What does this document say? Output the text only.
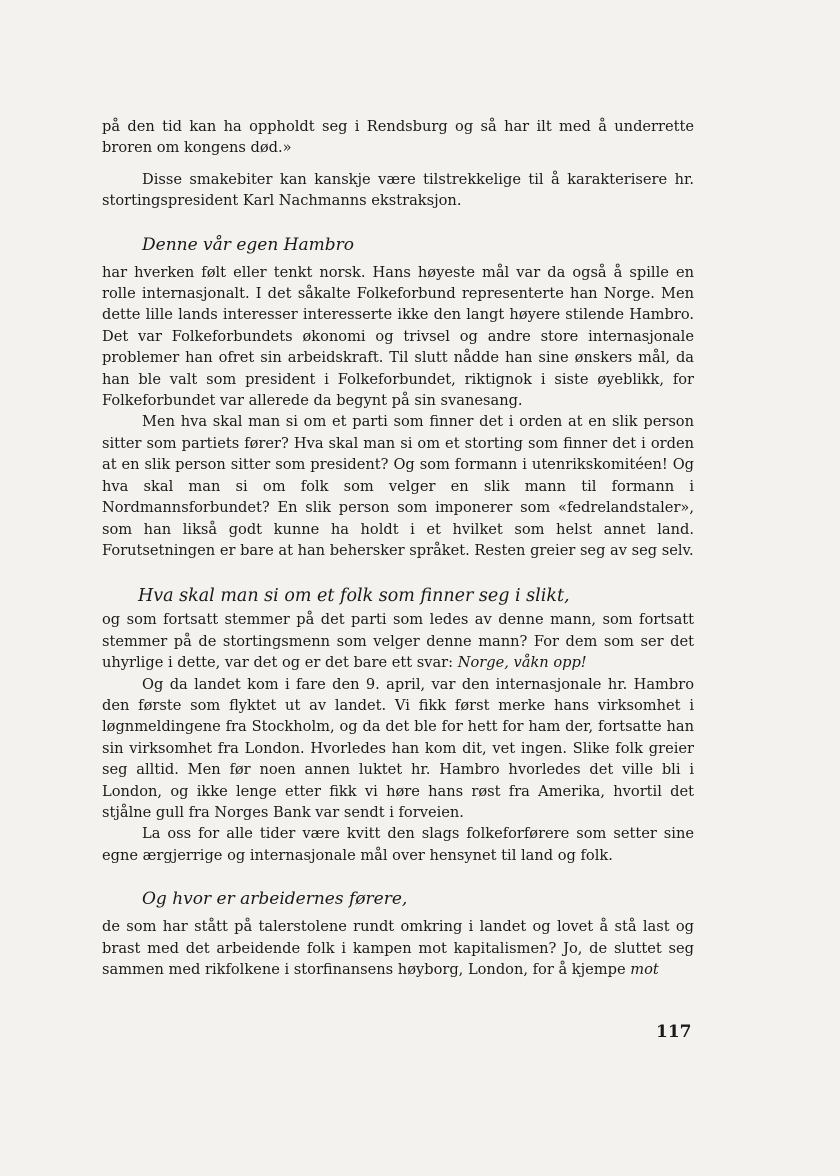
på den tid kan ha oppholdt seg i Rendsburg og så har ilt med å underrette broren om kongens død.»

Disse smakebiter kan kanskje være tilstrekkelige til å karakterisere hr. stortingspresident Karl Nachmanns ekstraksjon.

Denne vår egen Hambro

har hverken følt eller tenkt norsk. Hans høyeste mål var da også å spille en rolle internasjonalt. I det såkalte Folkeforbund representerte han Norge. Men dette lille lands interesser interesserte ikke den langt høyere stilende Hambro. Det var Folkeforbundets økonomi og trivsel og andre store internasjonale problemer han ofret sin arbeidskraft. Til slutt nådde han sine ønskers mål, da han ble valt som president i Folkeforbundet, riktignok i siste øyeblikk, for Folkeforbundet var allerede da begynt på sin svanesang.

Men hva skal man si om et parti som finner det i orden at en slik person sitter som partiets fører? Hva skal man si om et storting som finner det i orden at en slik person sitter som president? Og som formann i utenrikskomitéen! Og hva skal man si om folk som velger en slik mann til formann i Nordmannsforbundet? En slik person som imponerer som «fedrelandstaler», som han likså godt kunne ha holdt i et hvilket som helst annet land. Forutsetningen er bare at han behersker språket. Resten greier seg av seg selv.

Hva skal man si om et folk som finner seg i slikt,

og som fortsatt stemmer på det parti som ledes av denne mann, som fortsatt stemmer på de stortingsmenn som velger denne mann? For dem som ser det uhyrlige i dette, var det og er det bare ett svar: Norge, våkn opp!

Og da landet kom i fare den 9. april, var den internasjonale hr. Hambro den første som flyktet ut av landet. Vi fikk først merke hans virksomhet i løgnmeldingene fra Stockholm, og da det ble for hett for ham der, fortsatte han sin virksomhet fra London. Hvorledes han kom dit, vet ingen. Slike folk greier seg alltid. Men før noen annen luktet hr. Hambro hvorledes det ville bli i London, og ikke lenge etter fikk vi høre hans røst fra Amerika, hvortil det stjålne gull fra Norges Bank var sendt i forveien.

La oss for alle tider være kvitt den slags folkeforførere som setter sine egne ærgjerrige og internasjonale mål over hensynet til land og folk.

Og hvor er arbeidernes førere,

de som har stått på talerstolene rundt omkring i landet og lovet å stå last og brast med det arbeidende folk i kampen mot kapitalismen? Jo, de sluttet seg sammen med rikfolkene i storfinansens høyborg, London, for å kjempe mot

117
